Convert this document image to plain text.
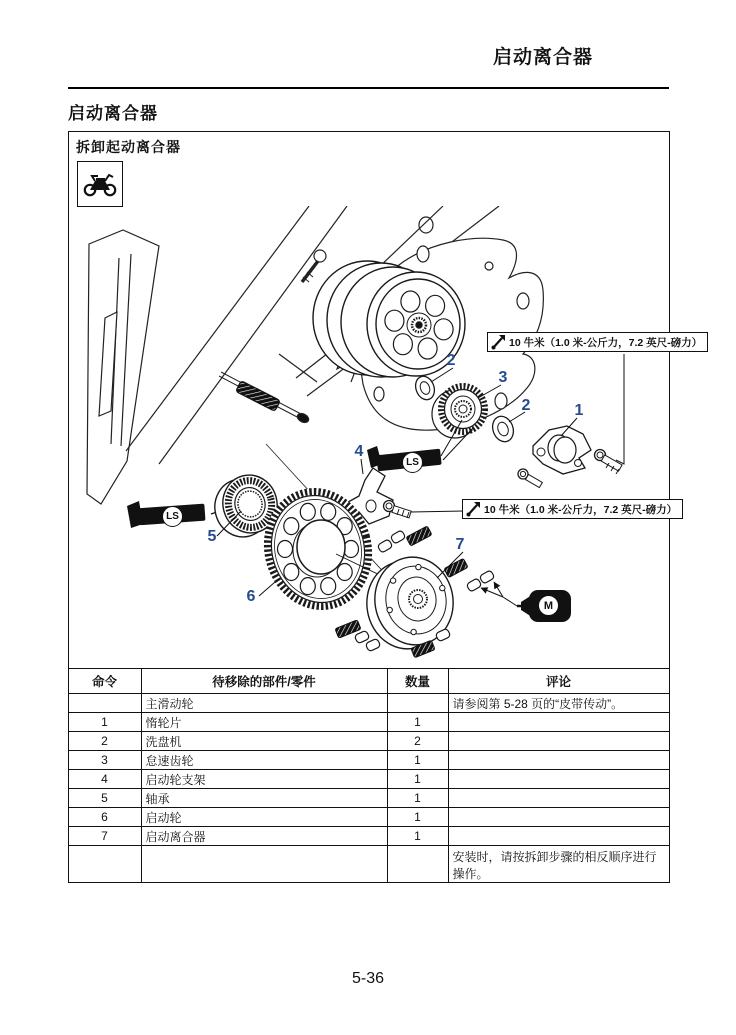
启动离合器
启动离合器
拆卸起动离合器
10 牛米（1.0 米-公斤力，7.2 英尺-磅力）
10 牛米（1.0 米-公斤力，7.2 英尺-磅力）
2
3
2	1
4
5
6
7
LS
LS
M
命令	待移除的部件/零件	数量	评论
	主滑动轮		请参阅第 5-28 页的“皮带传动”。
1	惰轮片	1	
2	洗盘机	2	
3	怠速齿轮	1	
4	启动轮支架	1	
5	轴承	1	
6	启动轮	1	
7	启动离合器	1	
			安装时，请按拆卸步骤的相反顺序进行操作。
5-36
